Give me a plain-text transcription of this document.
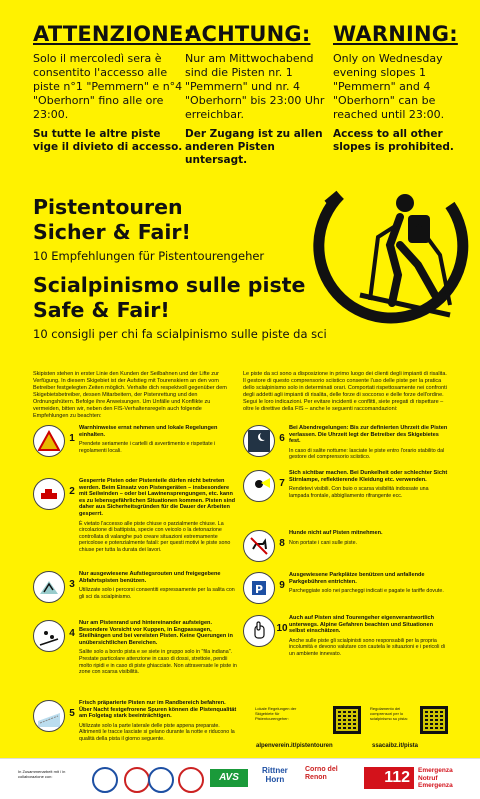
ATTENZIONE:

Solo il mercoledì sera è consentito l'accesso alle piste n°1 "Pemmern" e n°4 "Oberhorn" fino alle ore 23:00.

Su tutte le altre piste vige il divieto di accesso.

ACHTUNG:

Nur am Mittwochabend sind die Pisten nr. 1 "Pemmern" und nr. 4 "Oberhorn" bis 23:00 Uhr erreichbar.

Der Zugang ist zu allen anderen Pisten untersagt.

WARNING:

Only on Wednesday evening slopes 1 "Pemmern" and 4 "Oberhorn" can be reached until 23:00.

Access to all other slopes is prohibited.

Pistentouren
Sicher & Fair!
10 Empfehlungen für Pistentourengeher
Scialpinismo sulle piste
Safe & Fair!
10 consigli per chi fa scialpinismo sulle piste da sci
Skipisten stehen in erster Linie den Kunden der Seilbahnen und der Lifte zur Verfügung. In diesem Skigebiet ist der Aufstieg mit Tourenskiern an den vom Betreiber festgelegten Zeiten möglich. Verhalte dich respektvoll gegenüber dem Skigebietsbetreiber, dessen Mitarbeitern, der Pistenrettung und den Ordnungshütern. Befolge ihre Anweisungen. Um Unfälle und Konflikte zu vermeiden, bitten wir, neben den FIS-Verhaltensregeln auch folgende Empfehlungen zu beachten:
Le piste da sci sono a disposizione in primo luogo dei clienti degli impianti di risalita. Il gestore di questo comprensorio sciistico consente l'uso delle piste per la pratica dello scialpinismo solo in determinati orari. Comportati rispettosamente nei confronti degli addetti agli impianti di risalita, delle forze di soccorso e delle forze dell'ordine. Segui le loro indicazioni. Per evitare incidenti e conflitti, siete pregati di rispettare – oltre le direttive della FIS – anche le seguenti raccomandazioni:
1
Warnhinweise ernst nehmen und lokale Regelungen einhalten.
Prendete seriamente i cartelli di avvertimento e rispettate i regolamenti locali.
2
Gesperrte Pisten oder Pistenteile dürfen nicht betreten werden. Beim Einsatz von Pistengeräten – insbesondere mit Seilwinden – oder bei Lawinensprengungen, etc. kann es zu lebensgefährlichen Situationen kommen. Pisten sind daher aus Sicherheitsgründen für die Dauer der Arbeiten gesperrt.
È vietato l'accesso alle piste chiuse o parzialmente chiuse. La circolazione di battipista, specie con veicolo o la detonazione controllata di valanghe può creare situazioni estremamente pericolose e potenzialmente fatali: per questi motivi le piste sono chiuse per tutta la durata dei lavori.
3
Nur ausgewiesene Aufstiegsrouten und freigegebene Abfahrtspisten benützen.
Utilizzate solo i percorsi consentiti espressamente per la salita con gli sci da scialpinismo.
4
Nur am Pistenrand und hintereinander aufsteigen. Besondere Vorsicht vor Kuppen, in Engpassagen, Steilhängen und bei vereisten Pisten. Keine Querungen in unübersichtlichen Bereichen.
Salite solo a bordo pista e se siete in gruppo solo in "fila indiana". Prestate particolare attenzione in caso di dossi, strettoie, pendii molto ripidi e in caso di piste ghiacciate. Non attraversate le piste in zone con scarsa visibilità.
5
Frisch präparierte Pisten nur im Randbereich befahren. Über Nacht festgefrorene Spuren können die Pistenqualität am Folgetag stark beeinträchtigen.
Utilizzate solo la parte laterale delle piste appena preparate. Altrimenti le tracce lasciate si gelano durante la notte e riducono la qualità della pista il giorno seguente.
6
Bei Abendregelungen: Bis zur definierten Uhrzeit die Pisten verlassen. Die Uhrzeit legt der Betreiber des Skigebietes fest.
In caso di salite notturne: lasciate le piste entro l'orario stabilito dal gestore del comprensorio sciistico.
7
Sich sichtbar machen. Bei Dunkelheit oder schlechter Sicht Stirnlampe, reflektierende Kleidung etc. verwenden.
Rendetevi visibili. Con buio o scarsa visibilità indossate una lampada frontale, abbigliamento rifrangente ecc.
8
Hunde nicht auf Pisten mitnehmen.
Non portate i cani sulle piste.
P	9
Ausgewiesene Parkplätze benützen und anfallende Parkgebühren entrichten.
Parcheggiate solo nei parcheggi indicati e pagate le tariffe dovute.
10
Auch auf Pisten sind Tourengeher eigenverantwortlich unterwegs. Alpine Gefahren beachten und Situationen selbst einschätzen.
Anche sulle piste gli scialpinisti sono responsabili per la propria incolumità e devono valutare con cautela le situazioni e i pericoli di un ambiente innevato.
Lokale Regelungen der Skigebiete für Pistentourengeher:
alpenverein.it/pistentouren
Regolamento dei comprensori per lo scialpinismo su pista:
ssacaibz.it/pista
In Zusammenarbeit mit / in collaborazione con:	AVS
Rittner
Horn
Corno del
Renon	112	Emergenza
Notruf
Emergenza
